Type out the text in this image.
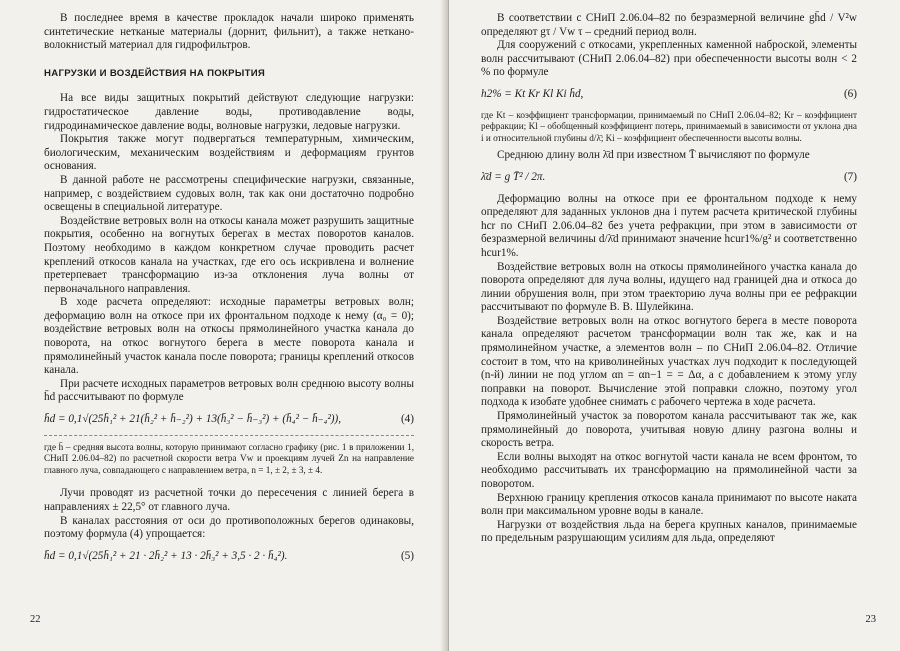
В последнее время в качестве прокладок начали широко применять синтетические нетканые материалы (дорнит, фильнит), а также нетканo-волокнистый материал для гидрофильтров.

НАГРУЗКИ И ВОЗДЕЙСТВИЯ НА ПОКРЫТИЯ

На все виды защитных покрытий действуют следующие нагрузки: гидростатическое давление воды, противодавление воды, гидродинамическое давление воды, волновые нагрузки, ледовые нагрузки.

Покрытия также могут подвергаться температурным, химическим, биологическим, механическим воздействиям и деформациям грунтов основания.

В данной работе не рассмотрены специфические нагрузки, связанные, например, с воздействием судовых волн, так как они достаточно подробно освещены в специальной литературе.

Воздействие ветровых волн на откосы канала может разрушить защитные покрытия, особенно на вогнутых берегах в местах поворотов каналов. Поэтому необходимо в каждом конкретном случае проводить расчет креплений откосов канала на участках, где его ось искривлена и волнение претерпевает трансформацию из-за отклонения луча волны от первоначального направления.

В ходе расчета определяют: исходные параметры ветровых волн; деформацию волн на откосе при их фронтальном подходе к нему (α₀ = 0); воздействие ветровых волн на откосы прямолинейного участка канала до поворота, на откос вогнутого берега в месте поворота канала и прямолинейный участок канала после поворота; границы креплений откосов канала.

При расчете исходных параметров ветровых волн среднюю высоту волны h̄d рассчитывают по формуле

h̄d = 0,1√(25h̄₁² + 21(h̄₂² + h̄₋₂²) + 13(h̄₃² − h̄₋₃²) + (h̄₄² − h̄₋₄²)),	(4)

где h̄ – средняя высота волны, которую принимают согласно графику (рис. 1 в приложении 1, СНиП 2.06.04–82) по расчетной скорости ветра Vw и проекциям лучей Zn на направление главного луча, совпадающего с направлением ветра, n = 1, ± 2, ± 3, ± 4.

Лучи проводят из расчетной точки до пересечения с линией берега в направлениях ± 22,5° от главного луча.

В каналах расстояния от оси до противоположных берегов одинаковы, поэтому формула (4) упрощается:

h̄d = 0,1√(25h̄₁² + 21 · 2h̄₂² + 13 · 2h̄₃² + 3,5 · 2 · h̄₄²).	(5)
22

В соответствии с СНиП 2.06.04–82 по безразмерной величине gh̄d / V²w определяют gτ / Vw τ – средний период волн.

Для сооружений с откосами, укрепленных каменной наброской, элементы волн рассчитывают (СНиП 2.06.04–82) при обеспеченности высоты волн < 2 % по формуле

h2% = Kt Kr Kl Ki h̄d,	(6)

где Kt – коэффициент трансформации, принимаемый по СНиП 2.06.04–82; Kr – коэффициент рефракции; Kl – обобщенный коэффициент потерь, принимаемый в зависимости от уклона дна i и относительной глубины d/λ̄; Ki – коэффициент обеспеченности высоты волны.

Среднюю длину волн λ̄d при известном T̄ вычисляют по формуле

λ̄d = g T̄² / 2π.	(7)

Деформацию волны на откосе при ее фронтальном подходе к нему определяют для заданных уклонов дна i путем расчета критической глубины hcr по СНиП 2.06.04–82 без учета рефракции, при этом в зависимости от безразмерной величины d/λ̄d принимают значение hcur1%/g² и соответственно hcur1%.

Воздействие ветровых волн на откосы прямолинейного участка канала до поворота определяют для луча волны, идущего над границей дна и откоса до линии обрушения волн, при этом траекторию луча волны при ее рефракции рассчитывают по формуле В. В. Шулейкина.

Воздействие ветровых волн на откос вогнутого берега в месте поворота канала определяют расчетом трансформации волн так же, как и на прямолинейном участке, а элементов волн – по СНиП 2.06.04–82. Отличие состоит в том, что на криволинейных участках луч подходит к последующей (n-й) линии не под углом αn = αn−1 = = Δα, а с добавлением к этому углу поправки на поворот. Вычисление этой поправки сложно, поэтому угол подхода к изобате удобнее снимать с рабочего чертежа в ходе расчета.

Прямолинейный участок за поворотом канала рассчитывают так же, как прямолинейный до поворота, учитывая новую длину разгона волны и скорость ветра.

Если волны выходят на откос вогнутой части канала не всем фронтом, то необходимо рассчитывать их трансформацию на прямолинейной части за поворотом.

Верхнюю границу крепления откосов канала принимают по высоте наката волн при максимальном уровне воды в канале.

Нагрузки от воздействия льда на берега крупных каналов, принимаемые по предельным разрушающим усилиям для льда, определяют

23
